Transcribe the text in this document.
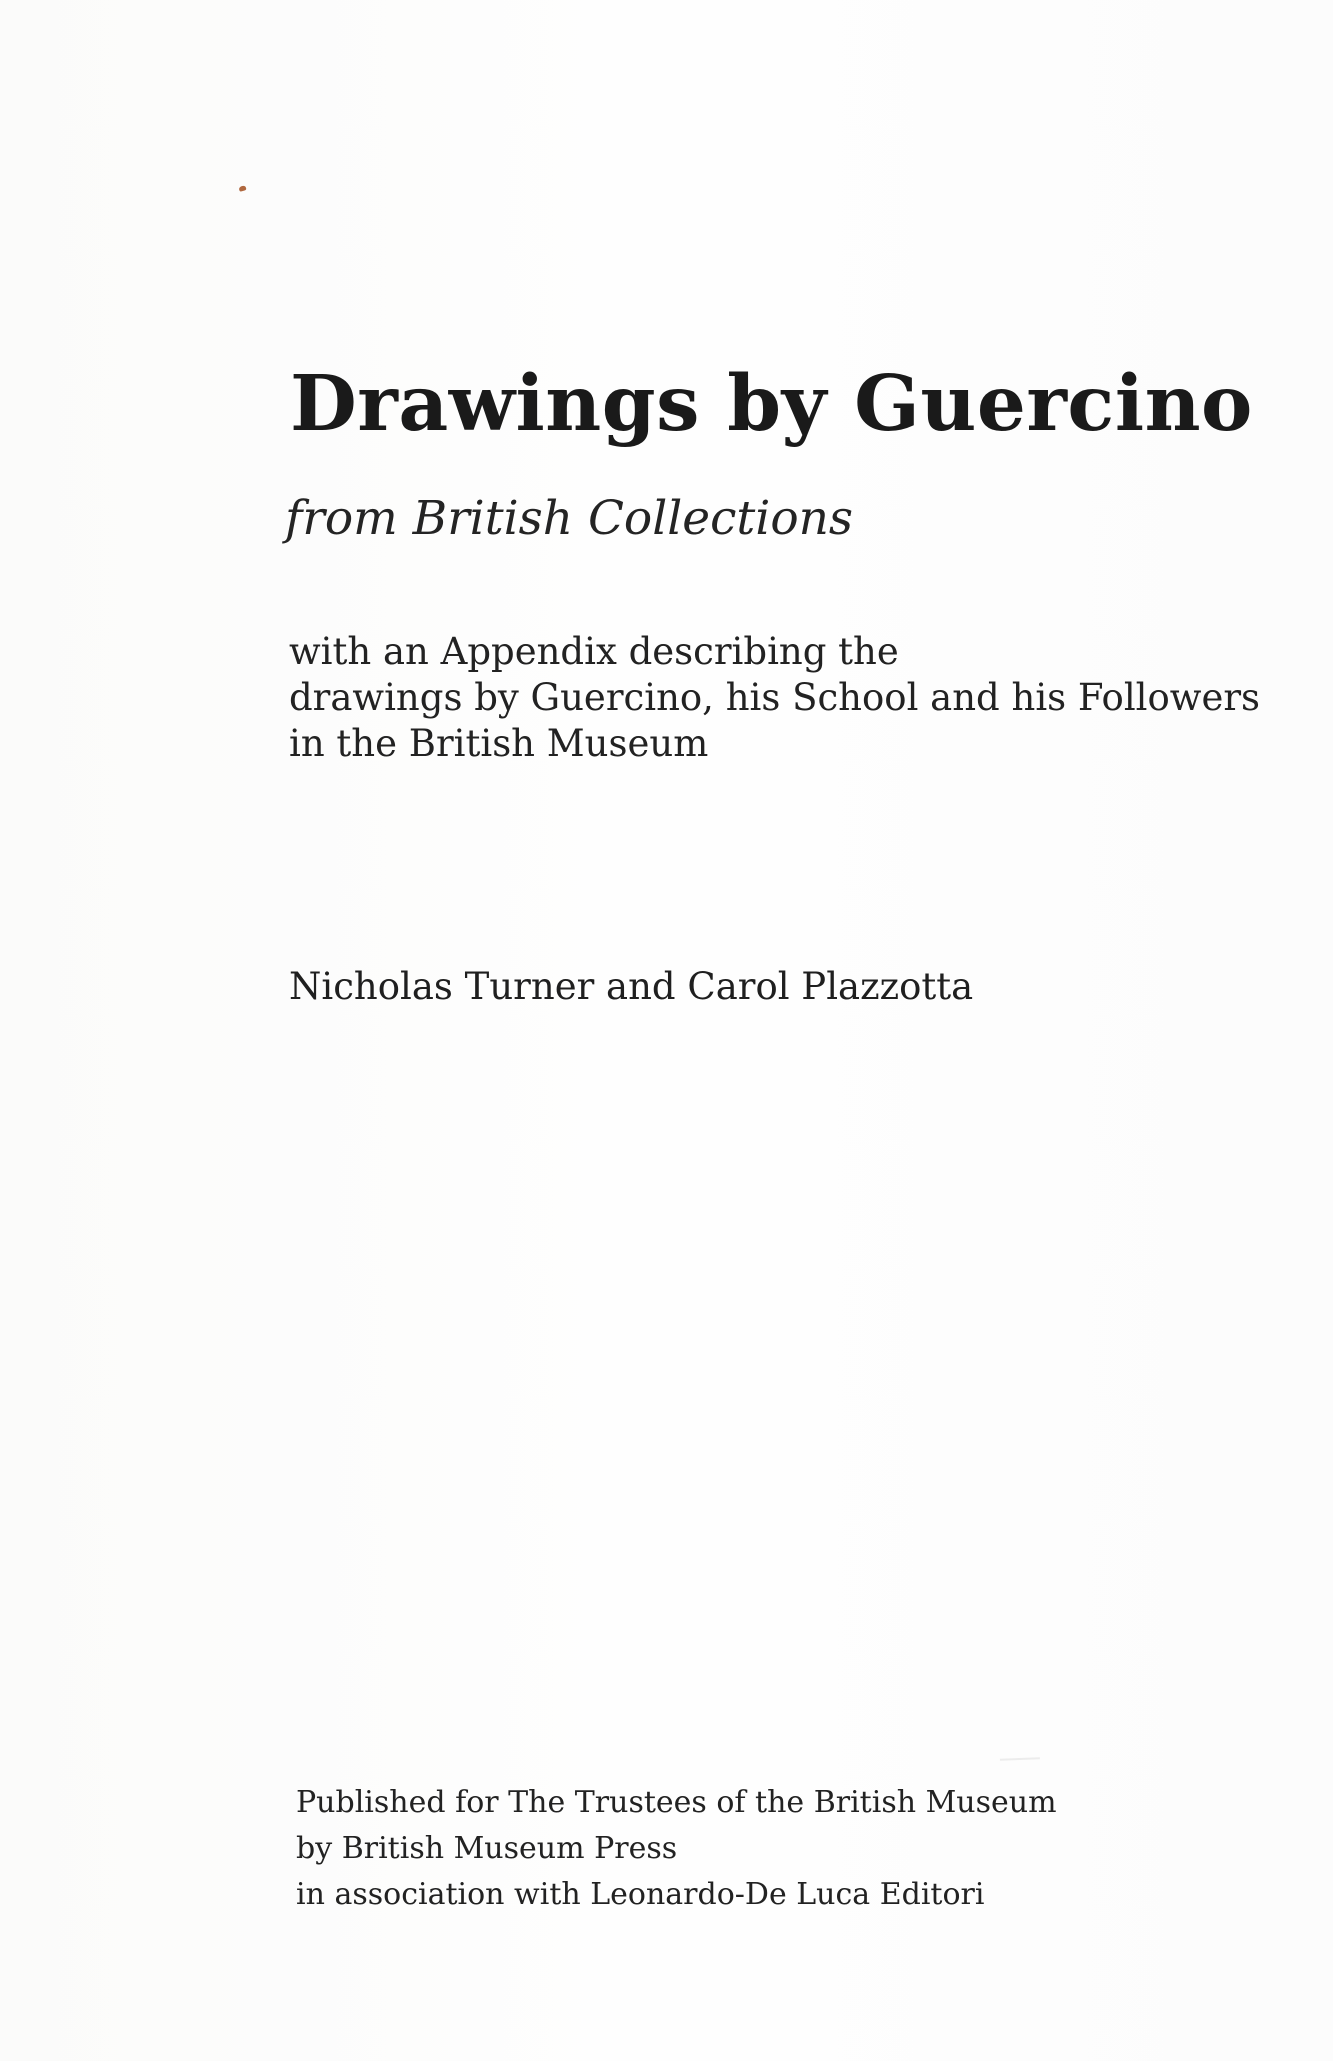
Drawings by Guercino

from British Collections

with an Appendix describing the
drawings by Guercino, his School and his Followers
in the British Museum

Nicholas Turner and Carol Plazzotta

Published for The Trustees of the British Museum
by British Museum Press
in association with Leonardo-De Luca Editori
